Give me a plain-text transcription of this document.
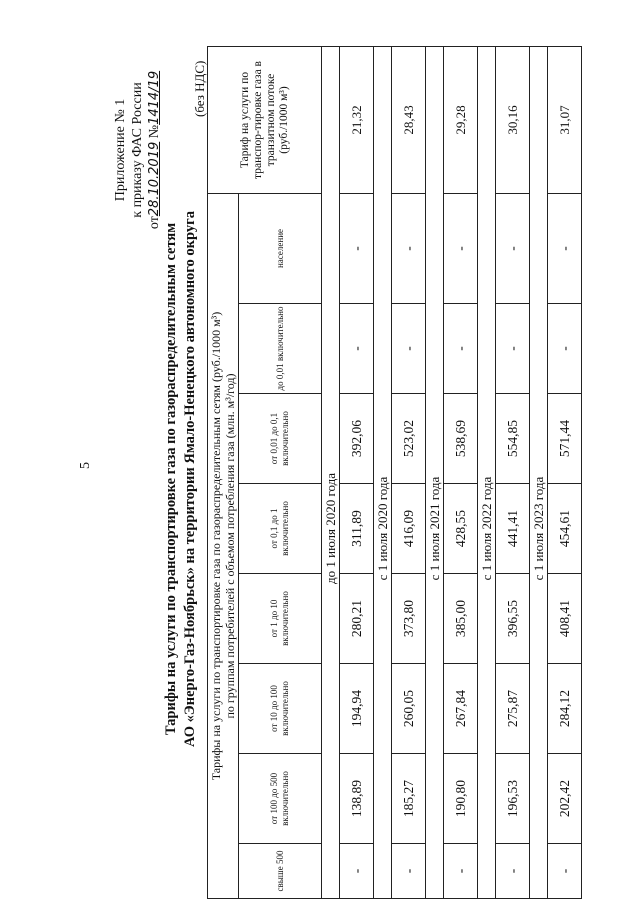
5
Приложение № 1 к приказу ФАС России
от28.10.2019 №1414/19
Тарифы на услуги по транспортировке газа по газораспределительным сетям АО «Энерго-Газ-Ноябрьск» на территории Ямало-Ненецкого автономного округа
(без НДС)
Тарифы на услуги по транспортировке газа по газораспределительным сетям (руб./1000 м³) по группам потребителей с объемом потребления газа (млн. м³/год)								Тариф на услуги по транспор-тировке газа в транзитном потоке (руб./1000 м³)
свыше 500	от 100 до 500 включительно	от 10 до 100 включительно	от 1 до 10 включительно	от 0,1 до 1 включительно	от 0,01 до 0,1 включительно	до 0,01 включительно	население	
		до 1 июля 2020 года						
-	138,89	194,94	280,21	311,89	392,06	-	-	21,32
		с 1 июля 2020 года						
-	185,27	260,05	373,80	416,09	523,02	-	-	28,43
		с 1 июля 2021 года						
-	190,80	267,84	385,00	428,55	538,69	-	-	29,28
		с 1 июля 2022 года						
-	196,53	275,87	396,55	441,41	554,85	-	-	30,16
		с 1 июля 2023 года						
-	202,42	284,12	408,41	454,61	571,44	-	-	31,07
